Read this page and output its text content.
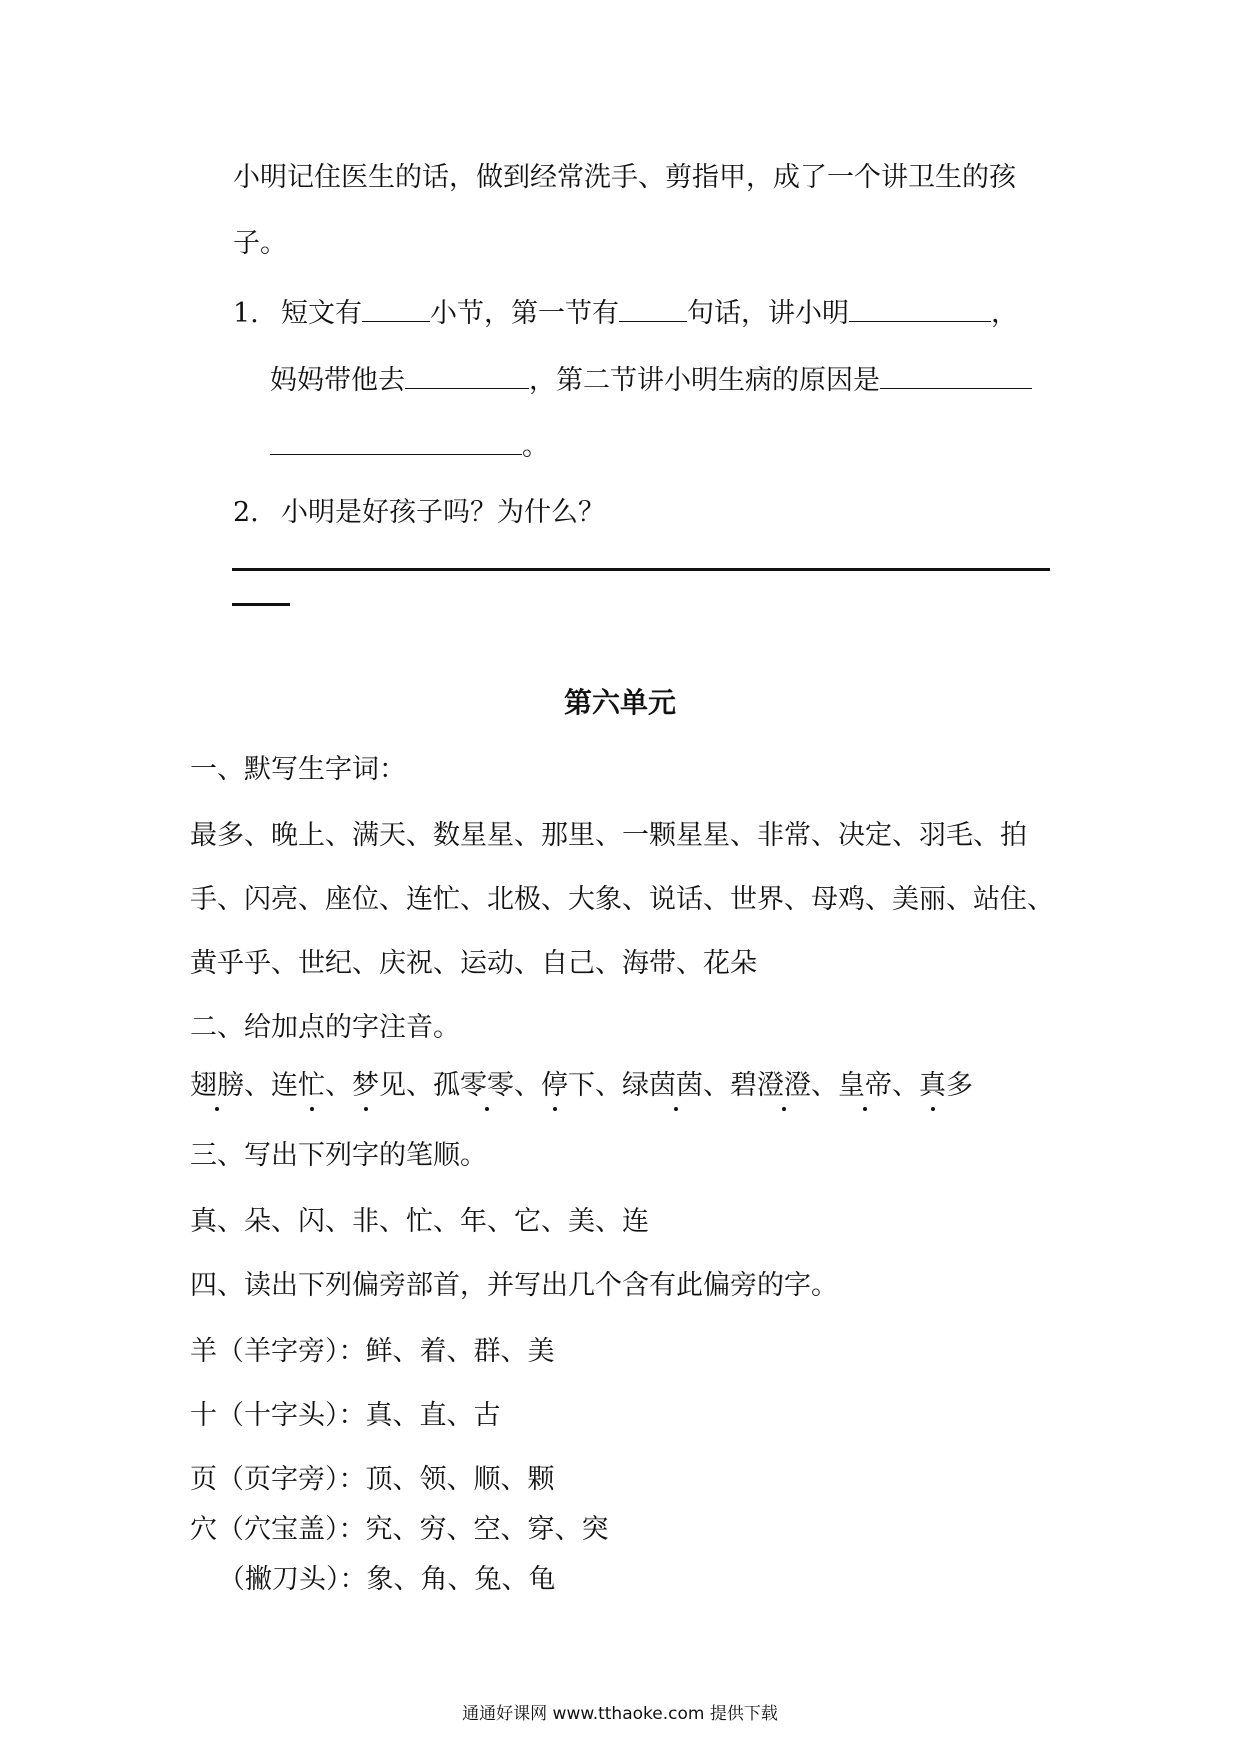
小明记住医生的话，做到经常洗手、剪指甲，成了一个讲卫生的孩
子。
1. 短文有	小节，第一节有	句话，讲小明	，
妈妈带他去	，第二节讲小明生病的原因是
。
2. 小明是好孩子吗？为什么？
第六单元
一、默写生字词：
最多、晚上、满天、数星星、那里、一颗星星、非常、决定、羽毛、拍
手、闪亮、座位、连忙、北极、大象、说话、世界、母鸡、美丽、站住、
黄乎乎、世纪、庆祝、运动、自己、海带、花朵
二、给加点的字注音。
翅膀、连忙、梦见、孤零零、停下、绿茵茵、碧澄澄、皇帝、真多
三、写出下列字的笔顺。
真、朵、闪、非、忙、年、它、美、连
四、读出下列偏旁部首，并写出几个含有此偏旁的字。
羊（羊字旁）：鲜、着、群、美
十（十字头）：真、直、古
页（页字旁）：顶、领、顺、颗
穴（穴宝盖）：究、穷、空、穿、突
（撇刀头）：象、角、兔、龟
通通好课网 www.tthaoke.com 提供下载
